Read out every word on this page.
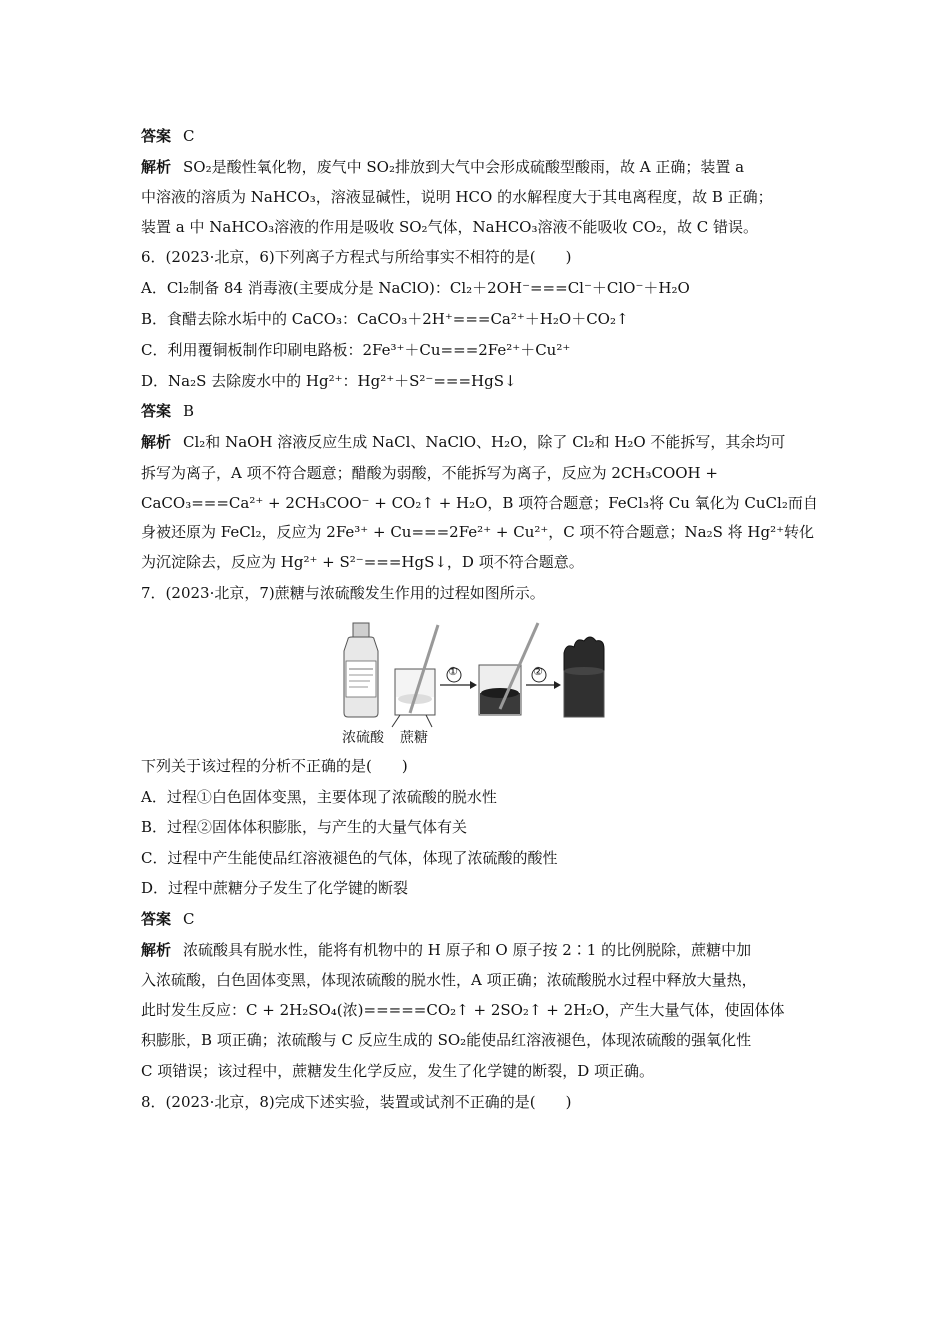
答案 C
解析 SO₂是酸性氧化物，废气中 SO₂排放到大气中会形成硫酸型酸雨，故 A 正确；装置 a
中溶液的溶质为 NaHCO₃，溶液显碱性，说明 HCO 的水解程度大于其电离程度，故 B 正确；
装置 a 中 NaHCO₃溶液的作用是吸收 SO₂气体，NaHCO₃溶液不能吸收 CO₂，故 C 错误。
6．(2023·北京，6)下列离子方程式与所给事实不相符的是(　　)
A．Cl₂制备 84 消毒液(主要成分是 NaClO)：Cl₂＋2OH⁻===Cl⁻＋ClO⁻＋H₂O
B．食醋去除水垢中的 CaCO₃：CaCO₃＋2H⁺===Ca²⁺＋H₂O＋CO₂↑
C．利用覆铜板制作印刷电路板：2Fe³⁺＋Cu===2Fe²⁺＋Cu²⁺
D．Na₂S 去除废水中的 Hg²⁺：Hg²⁺＋S²⁻===HgS↓
答案 B
解析 Cl₂和 NaOH 溶液反应生成 NaCl、NaClO、H₂O，除了 Cl₂和 H₂O 不能拆写，其余均可
拆写为离子，A 项不符合题意；醋酸为弱酸，不能拆写为离子，反应为 2CH₃COOH +
CaCO₃===Ca²⁺ + 2CH₃COO⁻ + CO₂↑ + H₂O，B 项符合题意；FeCl₃将 Cu 氧化为 CuCl₂而自
身被还原为 FeCl₂，反应为 2Fe³⁺ + Cu===2Fe²⁺ + Cu²⁺，C 项不符合题意；Na₂S 将 Hg²⁺转化
为沉淀除去，反应为 Hg²⁺ + S²⁻===HgS↓，D 项不符合题意。
7．(2023·北京，7)蔗糖与浓硫酸发生作用的过程如图所示。
浓硫酸 蔗糖
①	②
下列关于该过程的分析不正确的是(　　)
A．过程①白色固体变黑，主要体现了浓硫酸的脱水性
B．过程②固体体积膨胀，与产生的大量气体有关
C．过程中产生能使品红溶液褪色的气体，体现了浓硫酸的酸性
D．过程中蔗糖分子发生了化学键的断裂
答案 C
解析 浓硫酸具有脱水性，能将有机物中的 H 原子和 O 原子按 2∶1 的比例脱除，蔗糖中加
入浓硫酸，白色固体变黑，体现浓硫酸的脱水性，A 项正确；浓硫酸脱水过程中释放大量热，
此时发生反应：C + 2H₂SO₄(浓)=====CO₂↑ + 2SO₂↑ + 2H₂O，产生大量气体，使固体体
积膨胀，B 项正确；浓硫酸与 C 反应生成的 SO₂能使品红溶液褪色，体现浓硫酸的强氧化性
C 项错误；该过程中，蔗糖发生化学反应，发生了化学键的断裂，D 项正确。
8．(2023·北京，8)完成下述实验，装置或试剂不正确的是(　　)
